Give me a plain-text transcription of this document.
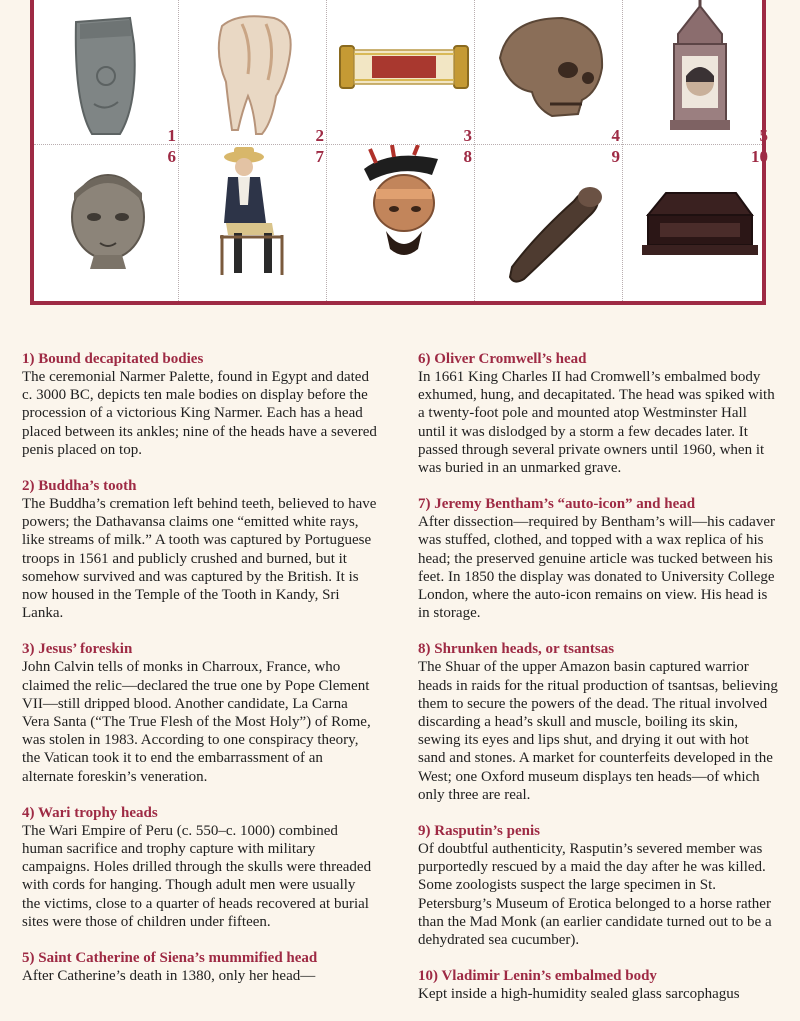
1	2	3	4	5
6	7	8	9	10
1) Bound decapitated bodies

The ceremonial Narmer Palette, found in Egypt and dated c. 3000 BC, depicts ten male bodies on display before the procession of a victorious King Narmer. Each has a head placed between its ankles; nine of the heads have a severed penis placed on top.

2) Buddha’s tooth

The Buddha’s cremation left behind teeth, believed to have powers; the Dathavansa claims one “emitted white rays, like streams of milk.” A tooth was captured by Portuguese troops in 1561 and publicly crushed and burned, but it somehow survived and was captured by the British. It is now housed in the Temple of the Tooth in Kandy, Sri Lanka.

3) Jesus’ foreskin

John Calvin tells of monks in Charroux, France, who claimed the relic—declared the true one by Pope Clement VII—still dripped blood. Another candidate, La Carna Vera Santa (“The True Flesh of the Most Holy”) of Rome, was stolen in 1983. According to one conspiracy theory, the Vatican took it to end the embarrassment of an alternate foreskin’s veneration.

4) Wari trophy heads

The Wari Empire of Peru (c. 550–c. 1000) combined human sacrifice and trophy capture with military campaigns. Holes drilled through the skulls were threaded with cords for hanging. Though adult men were usually the victims, close to a quarter of heads recovered at burial sites were those of children under fifteen.

5) Saint Catherine of Siena’s mummified head

After Catherine’s death in 1380, only her head—

6) Oliver Cromwell’s head

In 1661 King Charles II had Cromwell’s embalmed body exhumed, hung, and decapitated. The head was spiked with a twenty-foot pole and mounted atop Westminster Hall until it was dislodged by a storm a few decades later. It passed through several private owners until 1960, when it was buried in an unmarked grave.

7) Jeremy Bentham’s “auto-icon” and head

After dissection—required by Bentham’s will—his cadaver was stuffed, clothed, and topped with a wax replica of his head; the preserved genuine article was tucked between his feet. In 1850 the display was donated to University College London, where the auto-icon remains on view. His head is in storage.

8) Shrunken heads, or tsantsas

The Shuar of the upper Amazon basin captured warrior heads in raids for the ritual production of tsantsas, believing them to secure the powers of the dead. The ritual involved discarding a head’s skull and muscle, boiling its skin, sewing its eyes and lips shut, and drying it out with hot sand and stones. A market for counterfeits developed in the West; one Oxford museum displays ten heads—of which only three are real.

9) Rasputin’s penis

Of doubtful authenticity, Rasputin’s severed member was purportedly rescued by a maid the day after he was killed. Some zoologists suspect the large specimen in St. Petersburg’s Museum of Erotica belonged to a horse rather than the Mad Monk (an earlier candidate turned out to be a dehydrated sea cucumber).

10) Vladimir Lenin’s embalmed body

Kept inside a high-humidity sealed glass sarcophagus
